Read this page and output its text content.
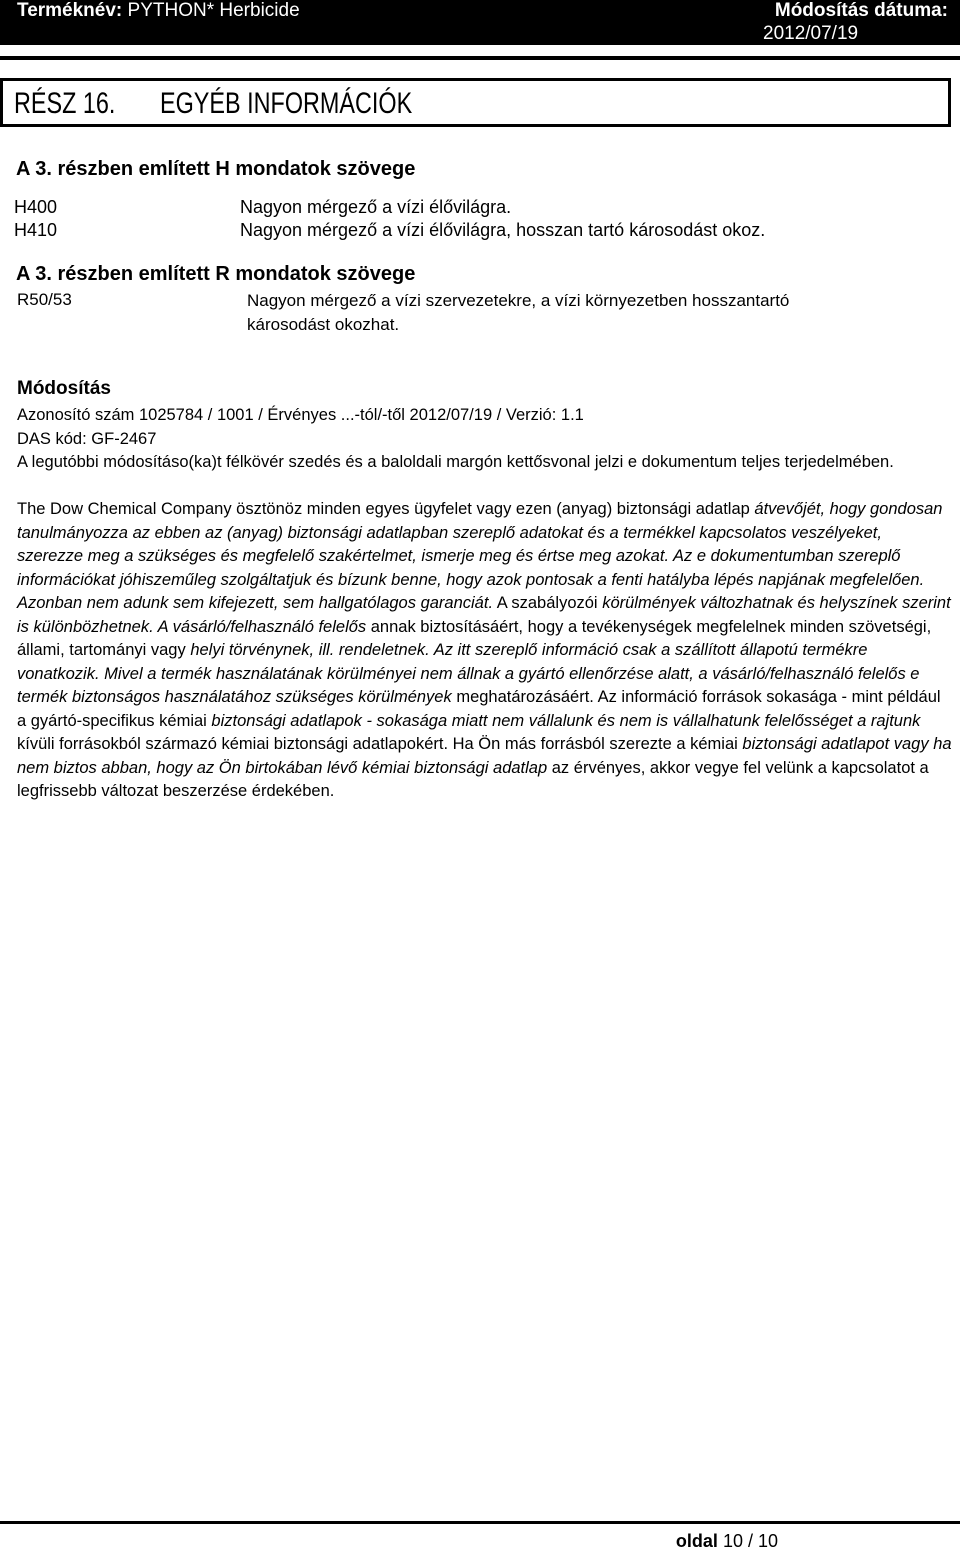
Terméknév: PYTHON* Herbicide	Módosítás dátuma:
2012/07/19
RÉSZ 16. EGYÉB INFORMÁCIÓK
A 3. részben említett H mondatok szövege
H400	Nagyon mérgező a vízi élővilágra.
H410	Nagyon mérgező a vízi élővilágra, hosszan tartó károsodást okoz.
A 3. részben említett R mondatok szövege
R50/53	Nagyon mérgező a vízi szervezetekre, a vízi környezetben hosszantartó
károsodást okozhat.
Módosítás

Azonosító szám 1025784 / 1001 / Érvényes ...-tól/-től 2012/07/19 / Verzió: 1.1

DAS kód: GF-2467

A legutóbbi módosításo(ka)t félkövér szedés és a baloldali margón kettősvonal jelzi e dokumentum teljes terjedelmében.

The Dow Chemical Company ösztönöz minden egyes ügyfelet vagy ezen (anyag) biztonsági adatlap átvevőjét, hogy gondosan tanulmányozza az ebben az (anyag) biztonsági adatlapban szereplő adatokat és a termékkel kapcsolatos veszélyeket, szerezze meg a szükséges és megfelelő szakértelmet, ismerje meg és értse meg azokat. Az e dokumentumban szereplő információkat jóhiszeműleg szolgáltatjuk és bízunk benne, hogy azok pontosak a fenti hatályba lépés napjának megfelelően. Azonban nem adunk sem kifejezett, sem hallgatólagos garanciát. A szabályozói körülmények változhatnak és helyszínek szerint is különbözhetnek. A vásárló/felhasználó felelős annak biztosításáért, hogy a tevékenységek megfelelnek minden szövetségi, állami, tartományi vagy helyi törvénynek, ill. rendeletnek. Az itt szereplő információ csak a szállított állapotú termékre vonatkozik. Mivel a termék használatának körülményei nem állnak a gyártó ellenőrzése alatt, a vásárló/felhasználó felelős e termék biztonságos használatához szükséges körülmények meghatározásáért. Az információ források sokasága - mint például a gyártó-specifikus kémiai biztonsági adatlapok - sokasága miatt nem vállalunk és nem is vállalhatunk felelősséget a rajtunk kívüli forrásokból származó kémiai biztonsági adatlapokért. Ha Ön más forrásból szerezte a kémiai biztonsági adatlapot vagy ha nem biztos abban, hogy az Ön birtokában lévő kémiai biztonsági adatlap az érvényes, akkor vegye fel velünk a kapcsolatot a legfrissebb változat beszerzése érdekében.
oldal 10 / 10
